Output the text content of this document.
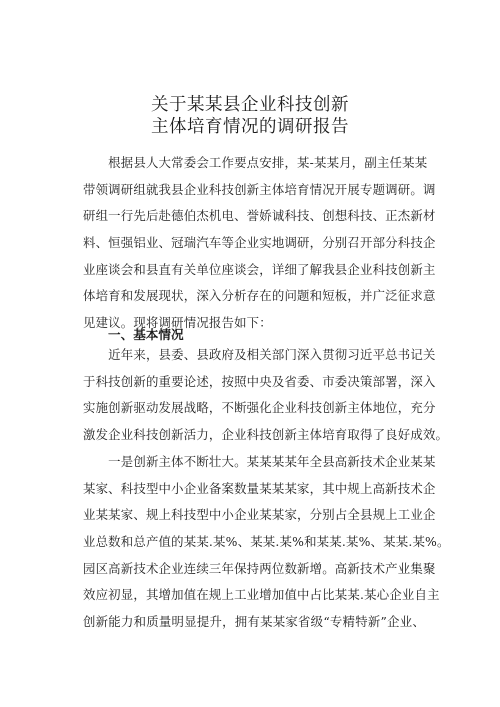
关于某某县企业科技创新
主体培育情况的调研报告
　　根据县人大常委会工作要点安排，某-某某月，副主任某某
带领调研组就我县企业科技创新主体培育情况开展专题调研。调
研组一行先后赴德伯杰机电、誉娇诚科技、创想科技、正杰新材
料、恒强铝业、冠瑞汽车等企业实地调研，分别召开部分科技企
业座谈会和县直有关单位座谈会，详细了解我县企业科技创新主
体培育和发展现状，深入分析存在的问题和短板，并广泛征求意
见建议。现将调研情况报告如下：
一、基本情况
　　近年来，县委、县政府及相关部门深入贯彻习近平总书记关
于科技创新的重要论述，按照中央及省委、市委决策部署，深入
实施创新驱动发展战略，不断强化企业科技创新主体地位，充分
激发企业科技创新活力，企业科技创新主体培育取得了良好成效。
　　一是创新主体不断壮大。某某某某年全县高新技术企业某某
某家、科技型中小企业备案数量某某某家，其中规上高新技术企
业某某家、规上科技型中小企业某某家，分别占全县规上工业企
业总数和总产值的某某.某%、某某.某%和某某.某%、某某.某%。
园区高新技术企业连续三年保持两位数新增。高新技术产业集聚
效应初显，其增加值在规上工业增加值中占比某某.某心企业自主
创新能力和质量明显提升，拥有某某家省级“专精特新”企业、
